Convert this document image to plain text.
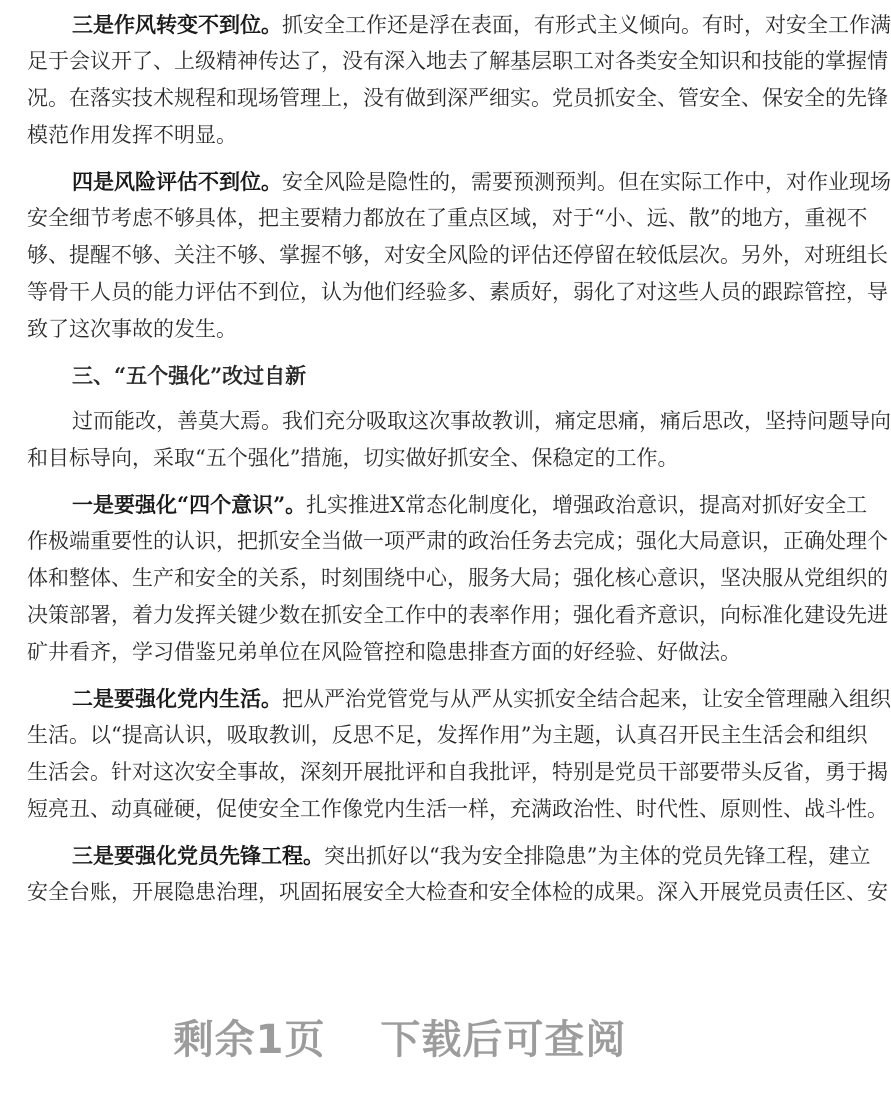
三是作风转变不到位。抓安全工作还是浮在表面，有形式主义倾向。有时，对安全工作满
足于会议开了、上级精神传达了，没有深入地去了解基层职工对各类安全知识和技能的掌握情
况。在落实技术规程和现场管理上，没有做到深严细实。党员抓安全、管安全、保安全的先锋
模范作用发挥不明显。
四是风险评估不到位。安全风险是隐性的，需要预测预判。但在实际工作中，对作业现场
安全细节考虑不够具体，把主要精力都放在了重点区域，对于“小、远、散”的地方，重视不
够、提醒不够、关注不够、掌握不够，对安全风险的评估还停留在较低层次。另外，对班组长
等骨干人员的能力评估不到位，认为他们经验多、素质好，弱化了对这些人员的跟踪管控，导
致了这次事故的发生。
三、“五个强化”改过自新
过而能改，善莫大焉。我们充分吸取这次事故教训，痛定思痛，痛后思改，坚持问题导向
和目标导向，采取“五个强化”措施，切实做好抓安全、保稳定的工作。
一是要强化“四个意识”。扎实推进X常态化制度化，增强政治意识，提高对抓好安全工
作极端重要性的认识，把抓安全当做一项严肃的政治任务去完成；强化大局意识，正确处理个
体和整体、生产和安全的关系，时刻围绕中心，服务大局；强化核心意识，坚决服从党组织的
决策部署，着力发挥关键少数在抓安全工作中的表率作用；强化看齐意识，向标准化建设先进
矿井看齐，学习借鉴兄弟单位在风险管控和隐患排查方面的好经验、好做法。
二是要强化党内生活。把从严治党管党与从严从实抓安全结合起来，让安全管理融入组织
生活。以“提高认识，吸取教训，反思不足，发挥作用”为主题，认真召开民主生活会和组织
生活会。针对这次安全事故，深刻开展批评和自我批评，特别是党员干部要带头反省，勇于揭
短亮丑、动真碰硬，促使安全工作像党内生活一样，充满政治性、时代性、原则性、战斗性。
三是要强化党员先锋工程。突出抓好以“我为安全排隐患”为主体的党员先锋工程，建立
安全台账，开展隐患治理，巩固拓展安全大检查和安全体检的成果。深入开展党员责任区、安
剩余1页 下载后可查阅
